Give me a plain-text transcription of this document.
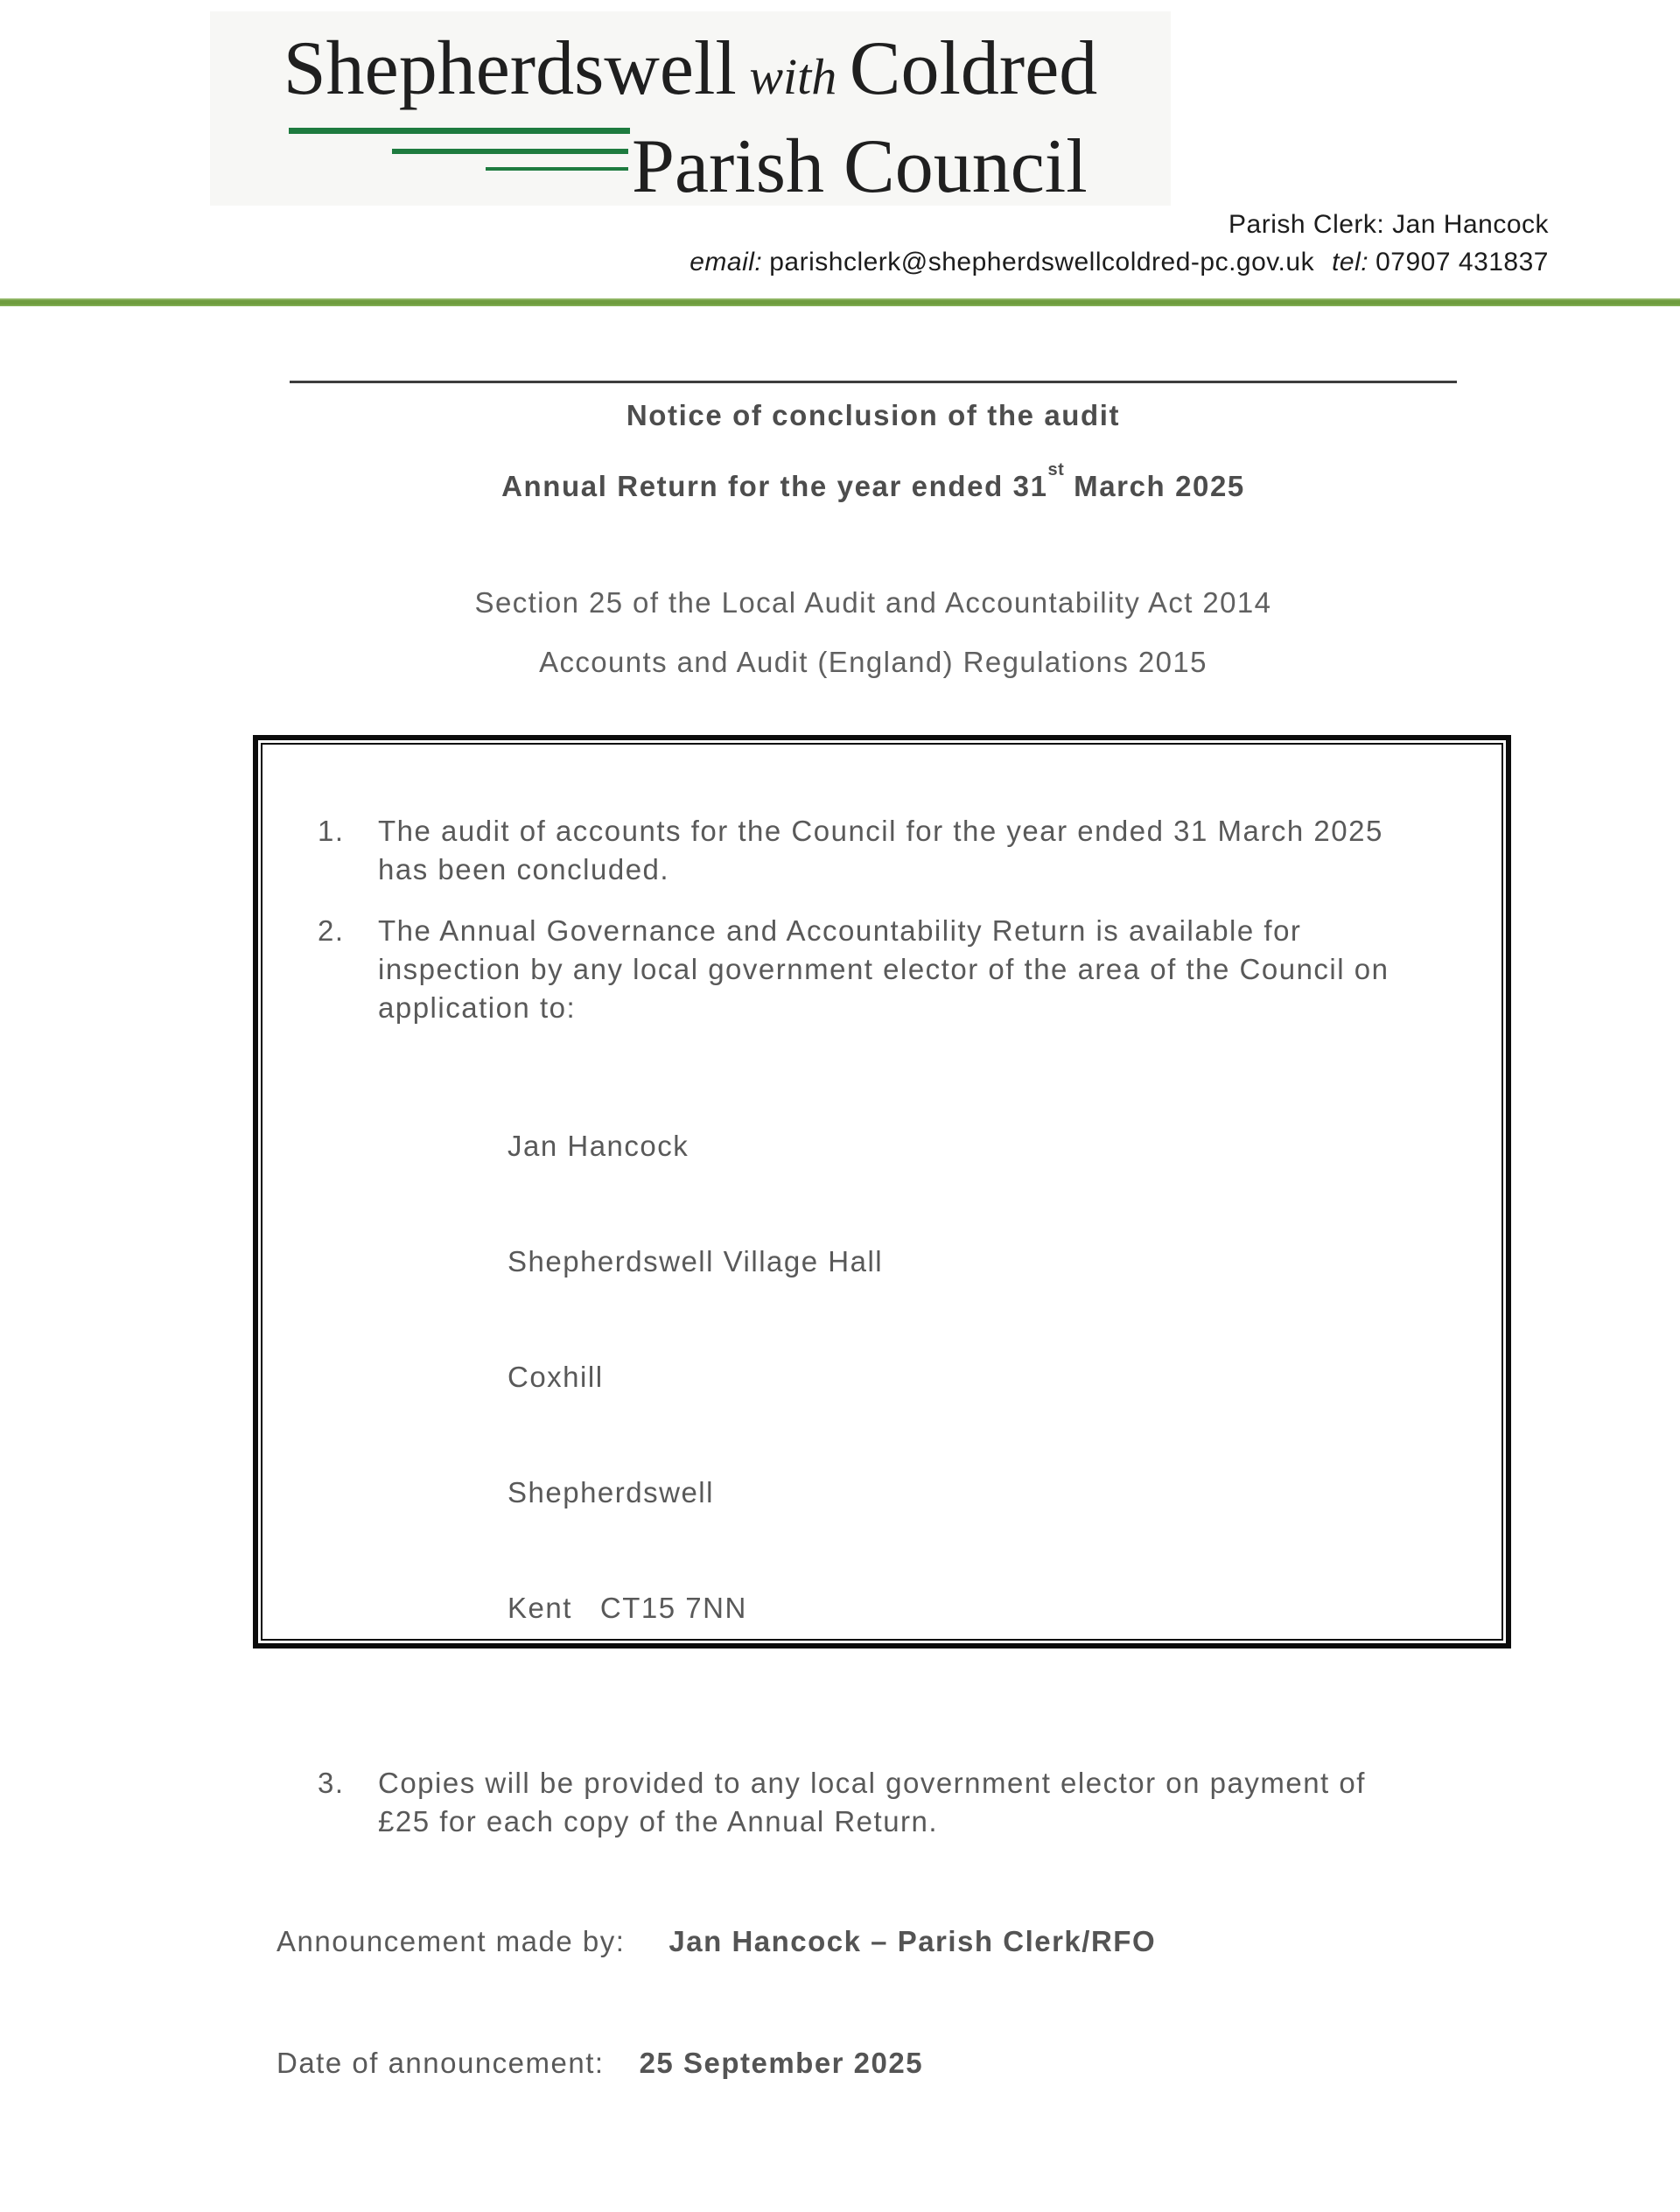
Shepherdswell with Coldred
Parish Council
Parish Clerk: Jan Hancock
email: parishclerk@shepherdswellcoldred-pc.gov.uk tel: 07907 431837
Notice of conclusion of the audit
Annual Return for the year ended 31st March 2025
Section 25 of the Local Audit and Accountability Act 2014
Accounts and Audit (England) Regulations 2015
1.	The audit of accounts for the Council for the year ended 31 March 2025 has been concluded.
2.	The Annual Governance and Accountability Return is available for inspection by any local government elector of the area of the Council on application to:

Jan Hancock

Shepherdswell Village Hall

Coxhill

Shepherdswell

Kent   CT15 7NN

3.	Copies will be provided to any local government elector on payment of £25 for each copy of the Annual Return.
Announcement made by: Jan Hancock – Parish Clerk/RFO
Date of announcement: 25 September 2025
